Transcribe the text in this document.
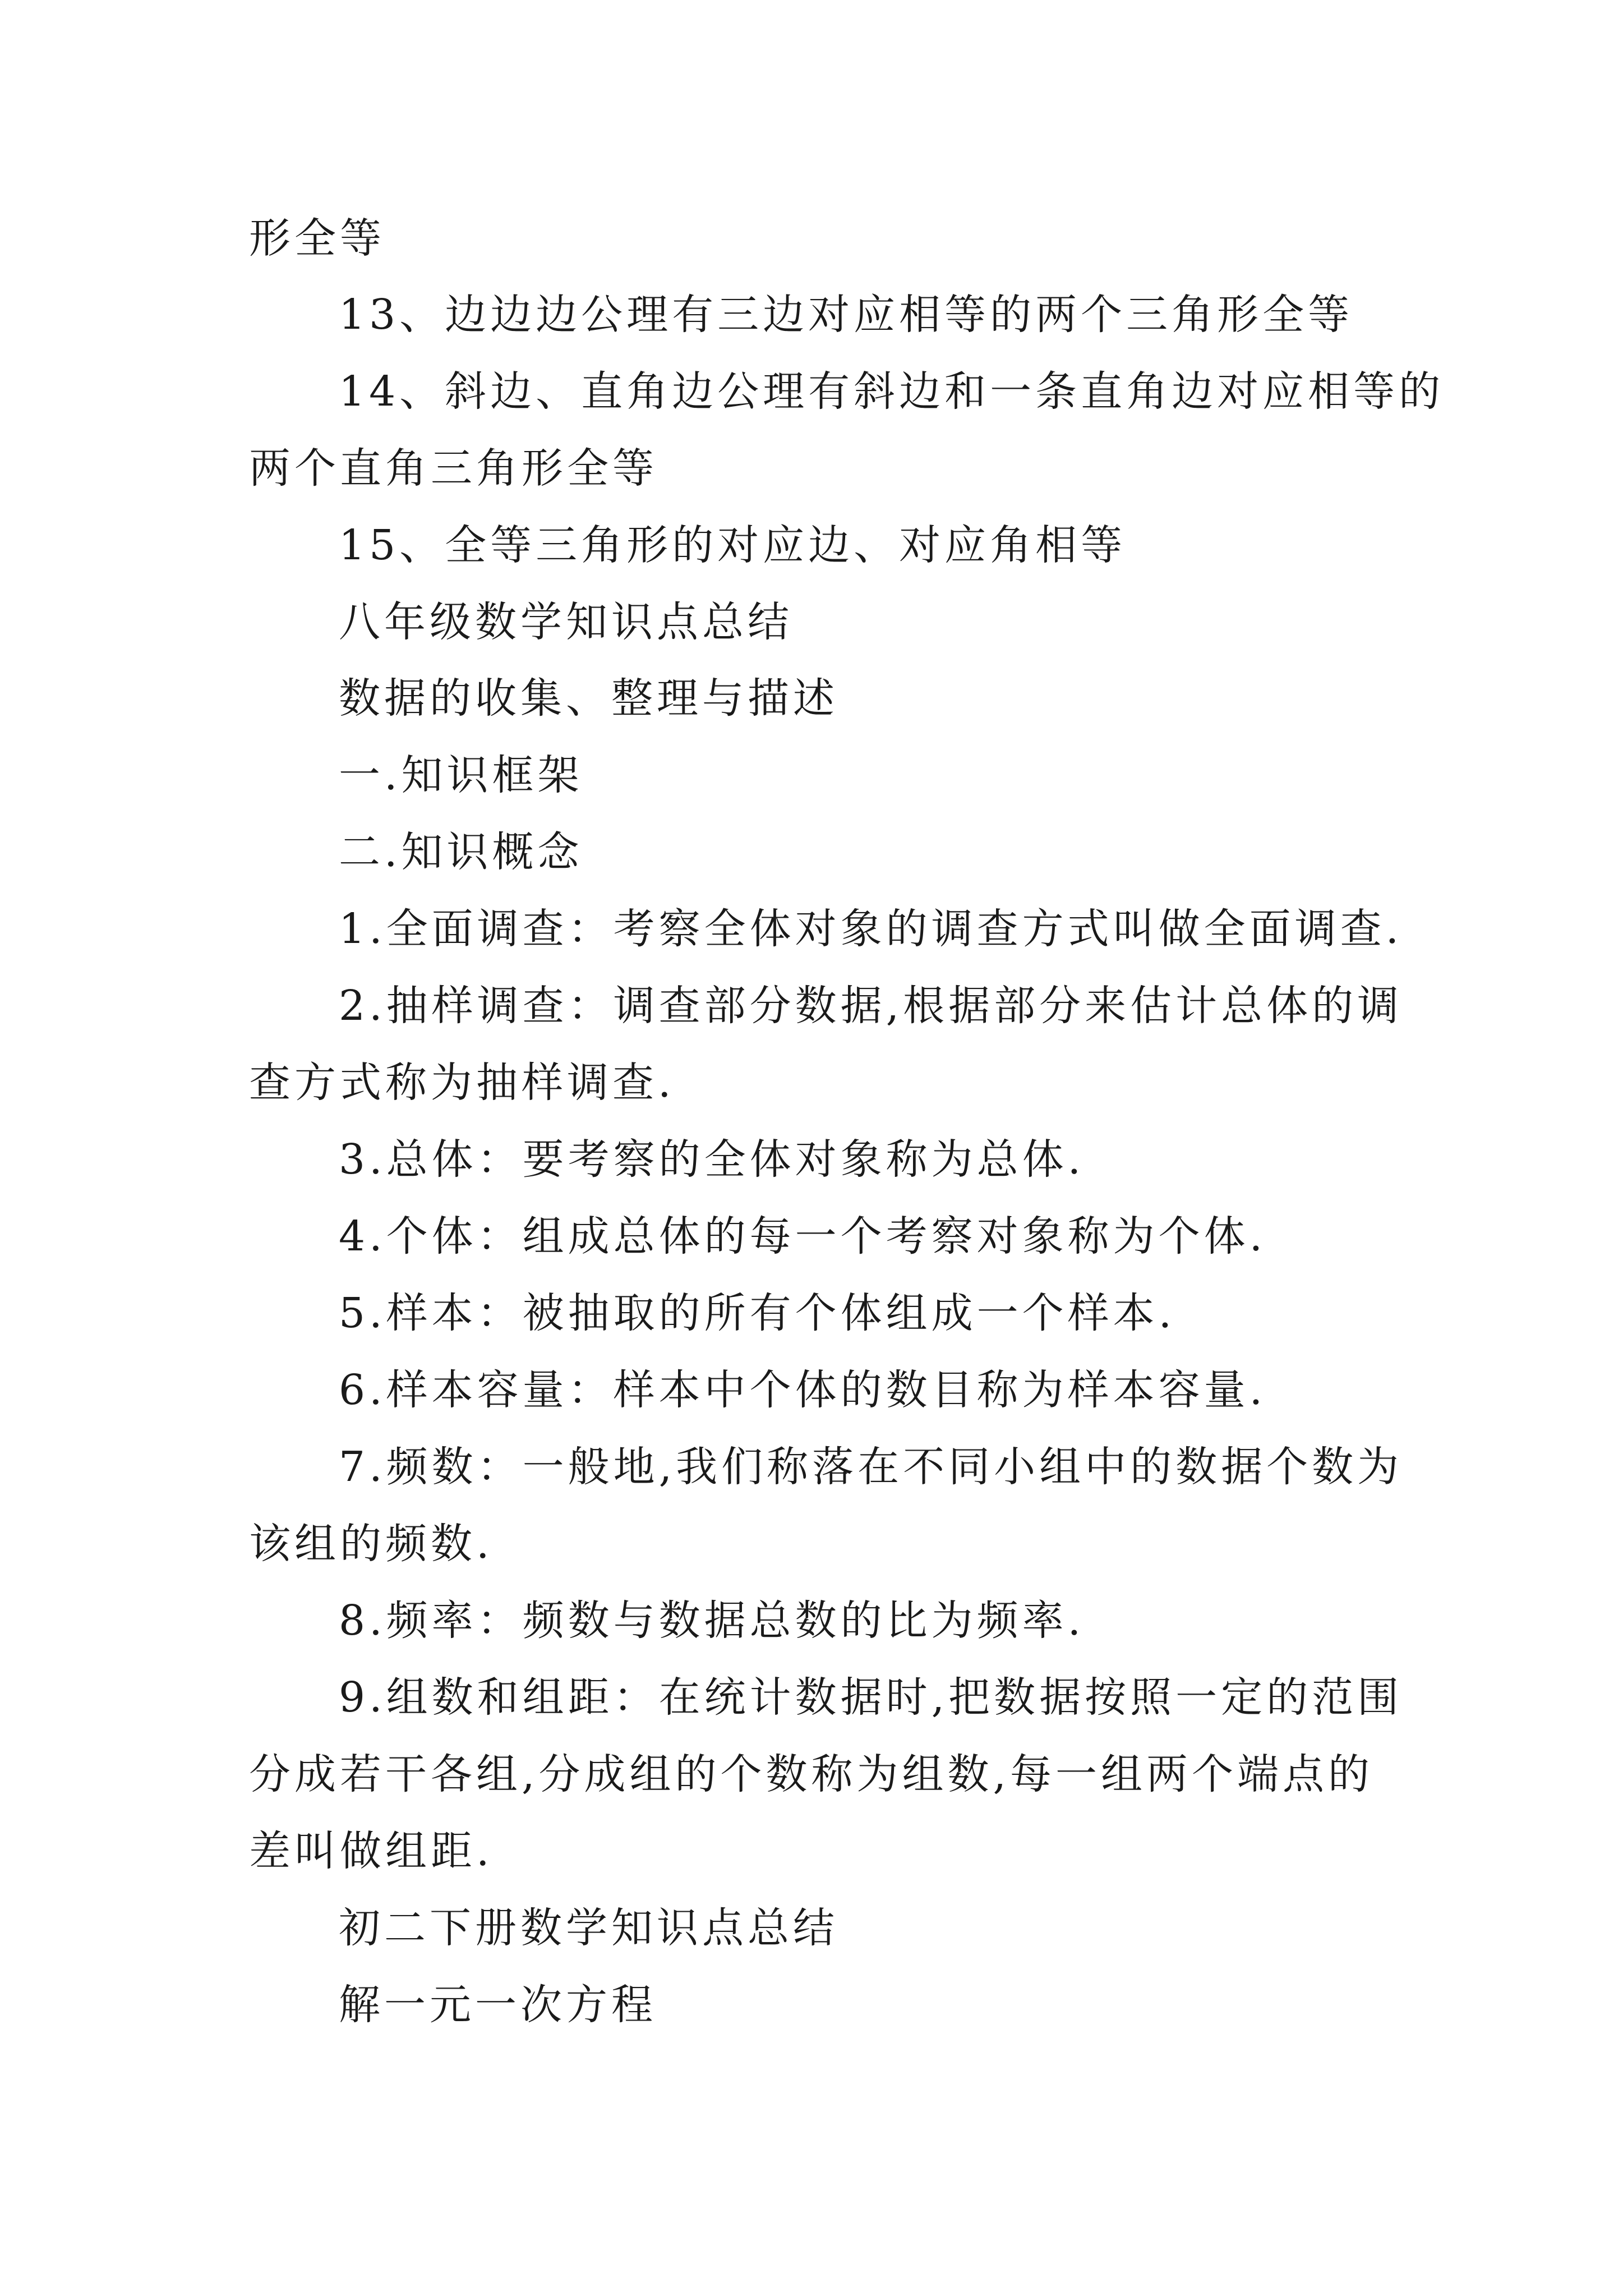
形全等
13、边边边公理有三边对应相等的两个三角形全等
14、斜边、直角边公理有斜边和一条直角边对应相等的
两个直角三角形全等
15、全等三角形的对应边、对应角相等
八年级数学知识点总结
数据的收集、整理与描述
一.知识框架
二.知识概念
1.全面调查：考察全体对象的调查方式叫做全面调查.
2.抽样调查：调查部分数据,根据部分来估计总体的调
查方式称为抽样调查.
3.总体：要考察的全体对象称为总体.
4.个体：组成总体的每一个考察对象称为个体.
5.样本：被抽取的所有个体组成一个样本.
6.样本容量：样本中个体的数目称为样本容量.
7.频数：一般地,我们称落在不同小组中的数据个数为
该组的频数.
8.频率：频数与数据总数的比为频率.
9.组数和组距：在统计数据时,把数据按照一定的范围
分成若干各组,分成组的个数称为组数,每一组两个端点的
差叫做组距.
初二下册数学知识点总结
解一元一次方程
